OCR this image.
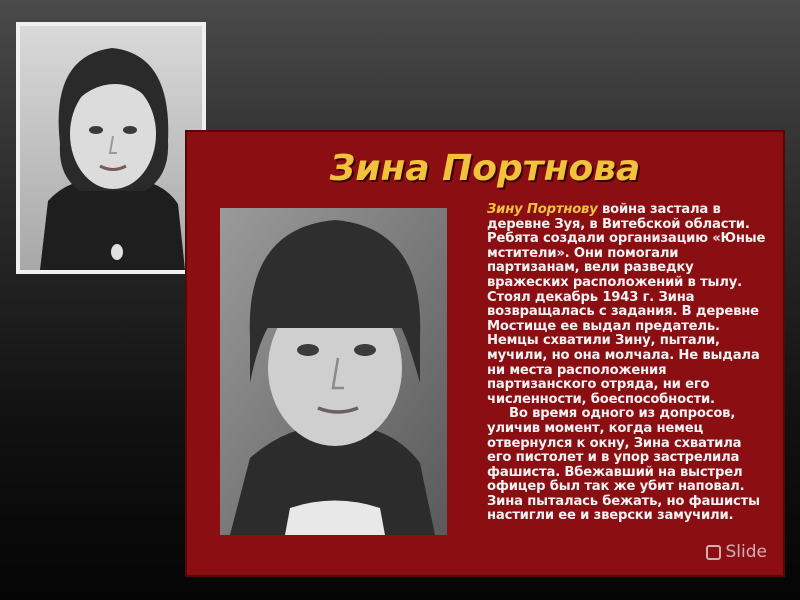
Зина Портнова

Зину Портнову война застала в деревне Зуя, в Витебской области. Ребята создали организацию «Юные мстители». Они помогали партизанам, вели разведку вражеских расположений в тылу. Стоял декабрь 1943 г. Зина возвращалась с задания. В деревне Мостище ее выдал предатель. Немцы схватили Зину, пытали, мучили, но она молчала. Не выдала ни места расположения партизанского отряда, ни его численности, боеспособности.

Во время одного из допросов, уличив момент, когда немец отвернулся к окну, Зина схватила его пистолет и в упор застрелила фашиста. Вбежавший на выстрел офицер был так же убит наповал. Зина пыталась бежать, но фашисты настигли ее и зверски замучили.

Slide
